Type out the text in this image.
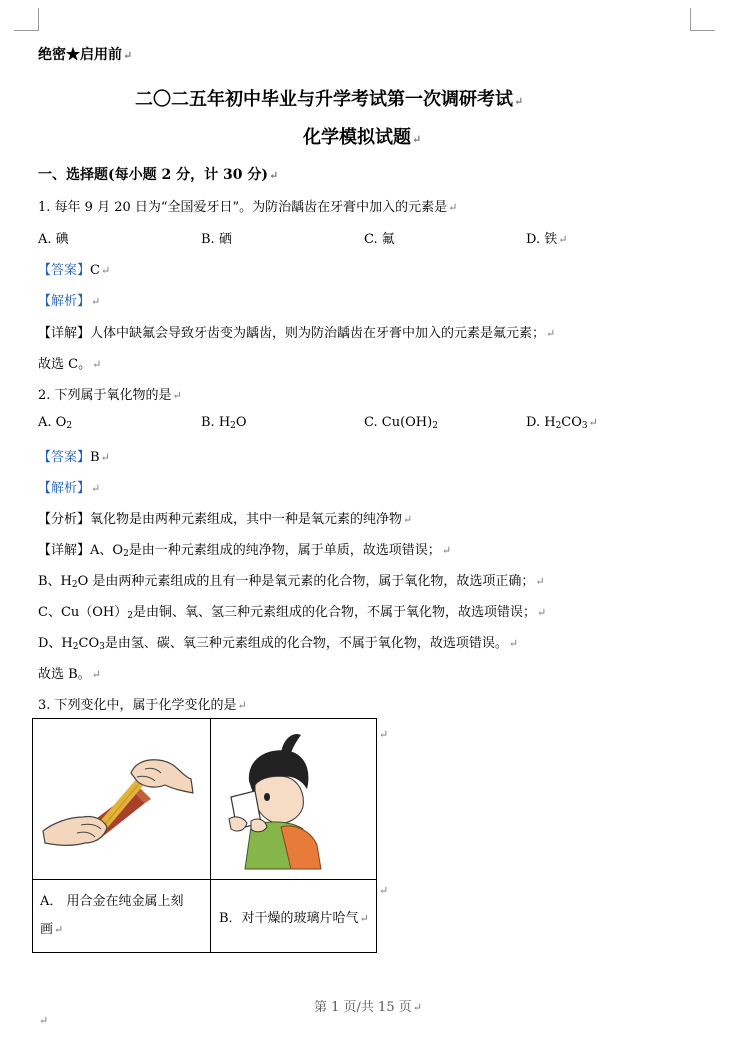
绝密★启用前↵
二〇二五年初中毕业与升学考试第一次调研考试↵
化学模拟试题↵
一、选择题(每小题 2 分，计 30 分)↵
1. 每年 9 月 20 日为“全国爱牙日”。为防治龋齿在牙膏中加入的元素是↵
A. 碘	B. 硒	C. 氟	D. 铁↵
【答案】C↵
【解析】↵
【详解】人体中缺氟会导致牙齿变为龋齿，则为防治龋齿在牙膏中加入的元素是氟元素；↵
故选 C。↵
2. 下列属于氧化物的是↵
A. $O_2$	B. $H_2O$	C. $Cu(OH)_2$	D. $H_2CO_3↵$
【答案】B↵
【解析】↵
【分析】氧化物是由两种元素组成，其中一种是氧元素的纯净物↵
【详解】A、$O_2$是由一种元素组成的纯净物，属于单质，故选项错误；↵
B、$H_2O$ 是由两种元素组成的且有一种是氧元素的化合物，属于氧化物，故选项正确；↵
C、$Cu(OH)_2$是由铜、氧、氢三种元素组成的化合物，不属于氧化物，故选项错误；↵
D、$H_2CO_3$是由氢、碳、氧三种元素组成的化合物，不属于氧化物，故选项错误。↵
故选 B。↵
3. 下列变化中，属于化学变化的是↵

A． 用合金在纯金属上刻
画↵	B．对干燥的玻璃片哈气↵
↵
↵
第 1 页/共 15 页↵
↵
